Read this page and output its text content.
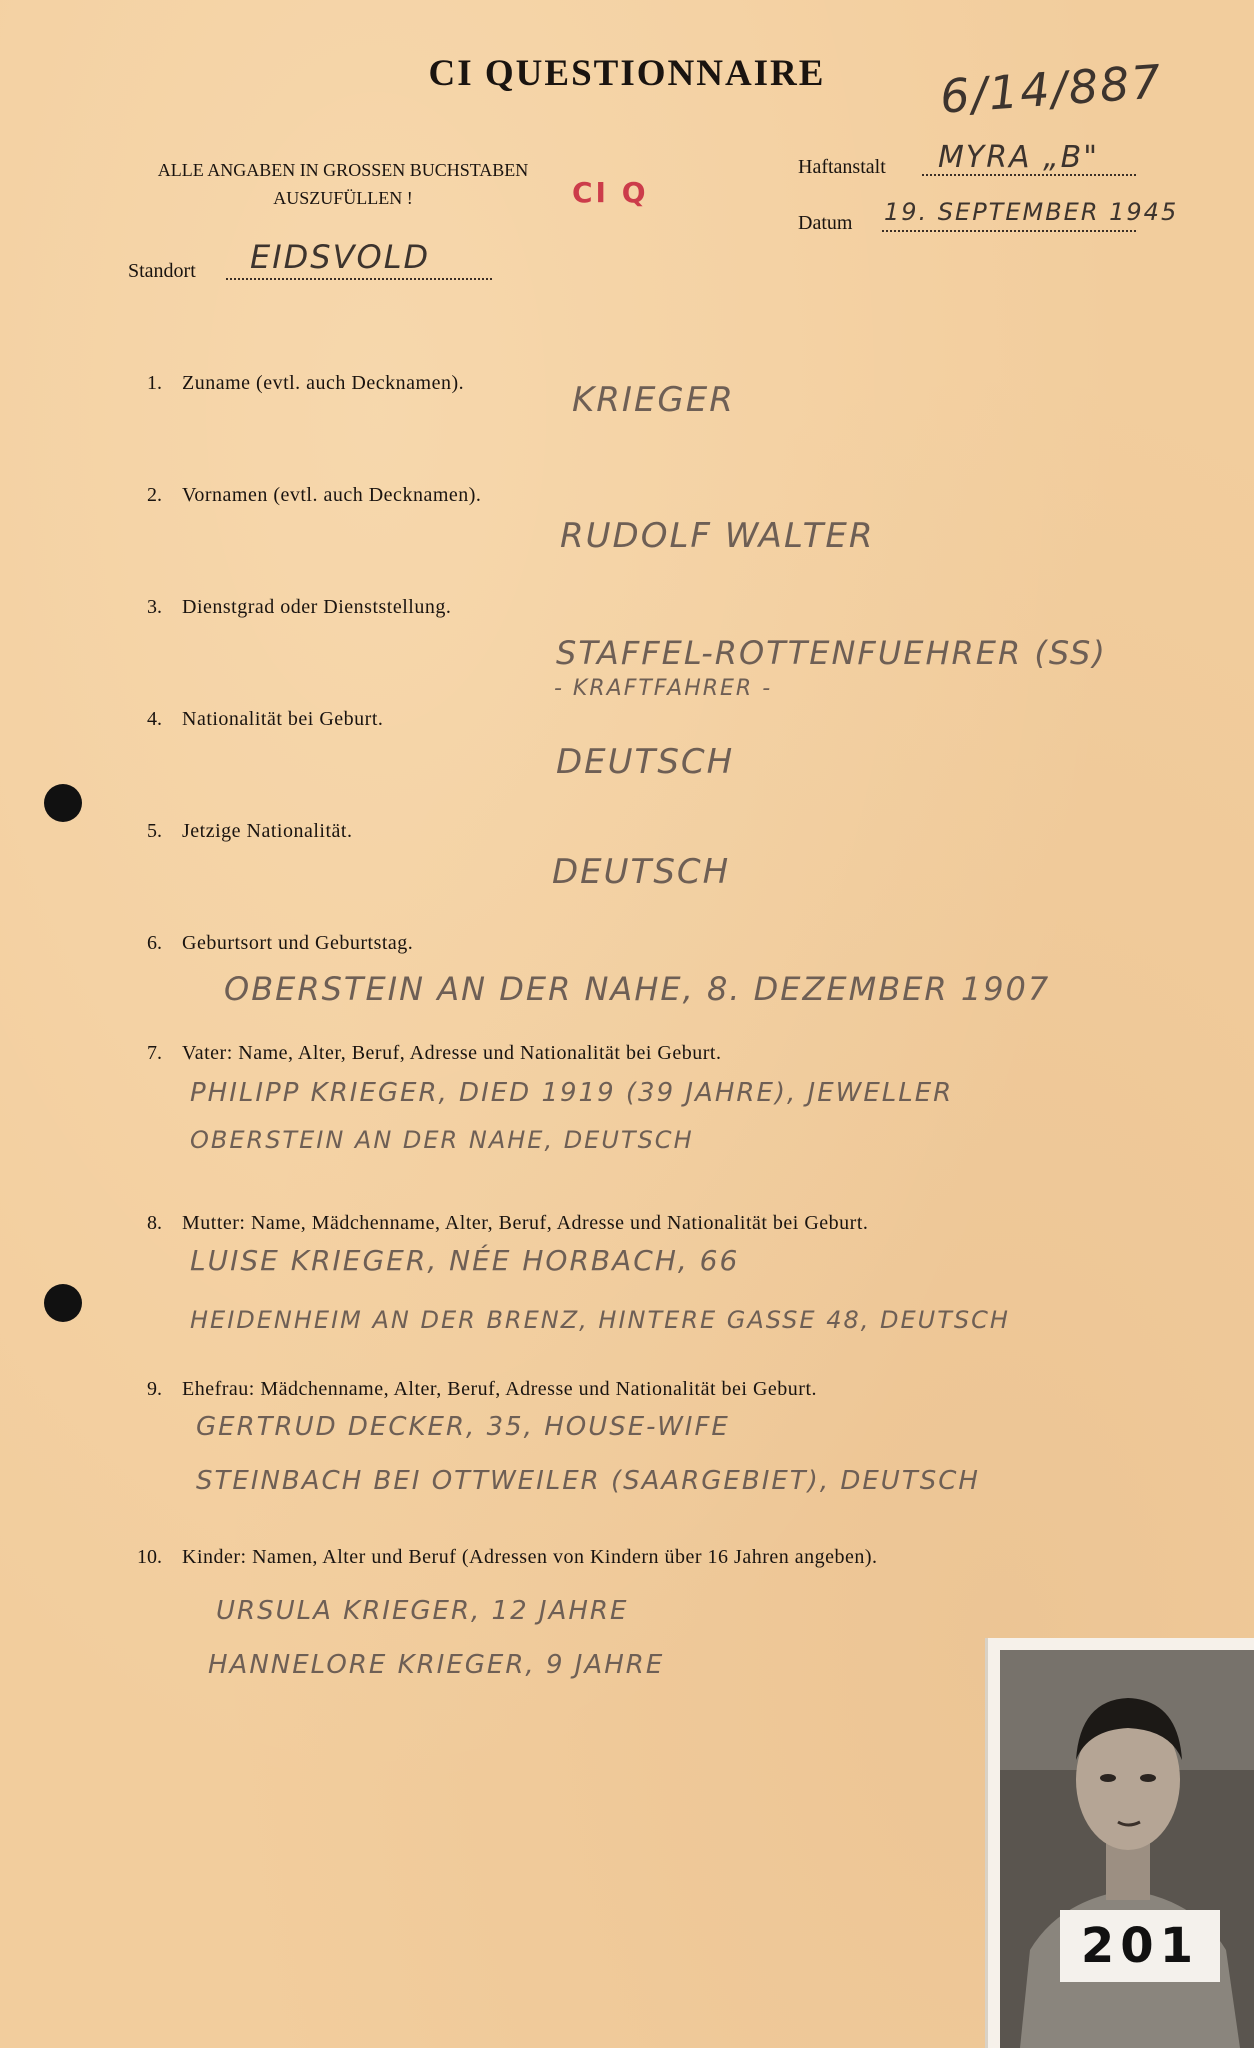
CI QUESTIONNAIRE
ALLE ANGABEN IN GROSSEN BUCHSTABEN
AUSZUFÜLLEN !	CI Q
6/14/887
Haftanstalt MYRA „B"
Datum 19. SEPTEMBER 1945
Standort EIDSVOLD
1. Zuname (evtl. auch Decknamen).	KRIEGER
2. Vornamen (evtl. auch Decknamen).
RUDOLF WALTER
3. Dienstgrad oder Dienststellung.
STAFFEL-ROTTENFUEHRER (SS)
- KRAFTFAHRER -
4. Nationalität bei Geburt.
DEUTSCH
5. Jetzige Nationalität.
DEUTSCH
6. Geburtsort und Geburtstag.
OBERSTEIN AN DER NAHE, 8. DEZEMBER 1907
7. Vater: Name, Alter, Beruf, Adresse und Nationalität bei Geburt.
PHILIPP KRIEGER, DIED 1919 (39 JAHRE), JEWELLER
OBERSTEIN AN DER NAHE, DEUTSCH
8. Mutter: Name, Mädchenname, Alter, Beruf, Adresse und Nationalität bei Geburt.
LUISE KRIEGER, NÉE HORBACH, 66
HEIDENHEIM AN DER BRENZ, HINTERE GASSE 48, DEUTSCH
9. Ehefrau: Mädchenname, Alter, Beruf, Adresse und Nationalität bei Geburt.
GERTRUD DECKER, 35, HOUSE-WIFE
STEINBACH BEI OTTWEILER (SAARGEBIET), DEUTSCH
10. Kinder: Namen, Alter und Beruf (Adressen von Kindern über 16 Jahren angeben).
URSULA KRIEGER, 12 JAHRE
HANNELORE KRIEGER, 9 JAHRE
201
